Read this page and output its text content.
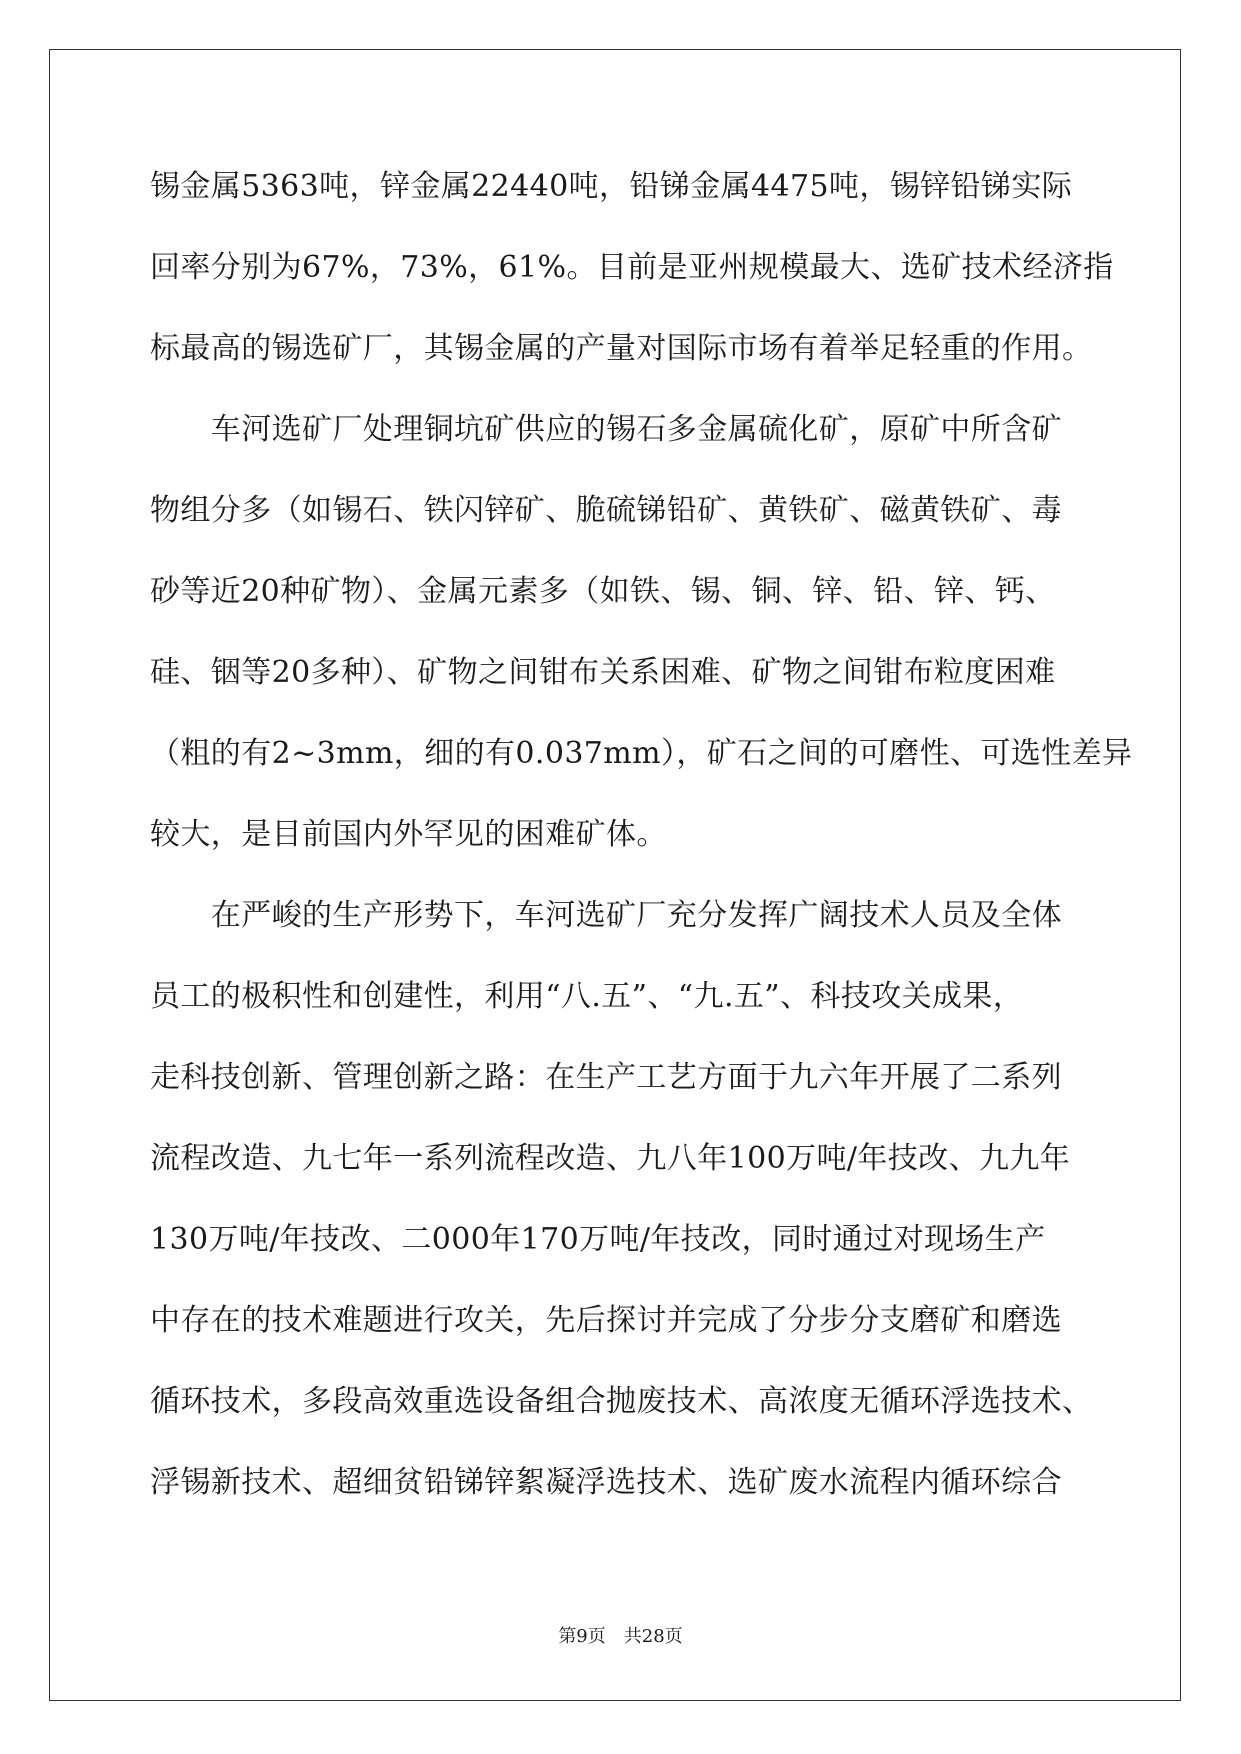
锡金属5363吨，锌金属22440吨，铅锑金属4475吨，锡锌铅锑实际
回率分别为67%，73%，61%。目前是亚州规模最大、选矿技术经济指
标最高的锡选矿厂，其锡金属的产量对国际市场有着举足轻重的作用。
　　车河选矿厂处理铜坑矿供应的锡石多金属硫化矿，原矿中所含矿
物组分多（如锡石、铁闪锌矿、脆硫锑铅矿、黄铁矿、磁黄铁矿、毒
砂等近20种矿物）、金属元素多（如铁、锡、铜、锌、铅、锌、钙、
硅、铟等20多种）、矿物之间钳布关系困难、矿物之间钳布粒度困难
（粗的有2~3mm，细的有0.037mm），矿石之间的可磨性、可选性差异
较大，是目前国内外罕见的困难矿体。
　　在严峻的生产形势下，车河选矿厂充分发挥广阔技术人员及全体
员工的极积性和创建性，利用“八.五”、“九.五”、科技攻关成果，
走科技创新、管理创新之路：在生产工艺方面于九六年开展了二系列
流程改造、九七年一系列流程改造、九八年100万吨/年技改、九九年
130万吨/年技改、二000年170万吨/年技改，同时通过对现场生产
中存在的技术难题进行攻关，先后探讨并完成了分步分支磨矿和磨选
循环技术，多段高效重选设备组合抛废技术、高浓度无循环浮选技术、
浮锡新技术、超细贫铅锑锌絮凝浮选技术、选矿废水流程内循环综合
第9页　共28页
